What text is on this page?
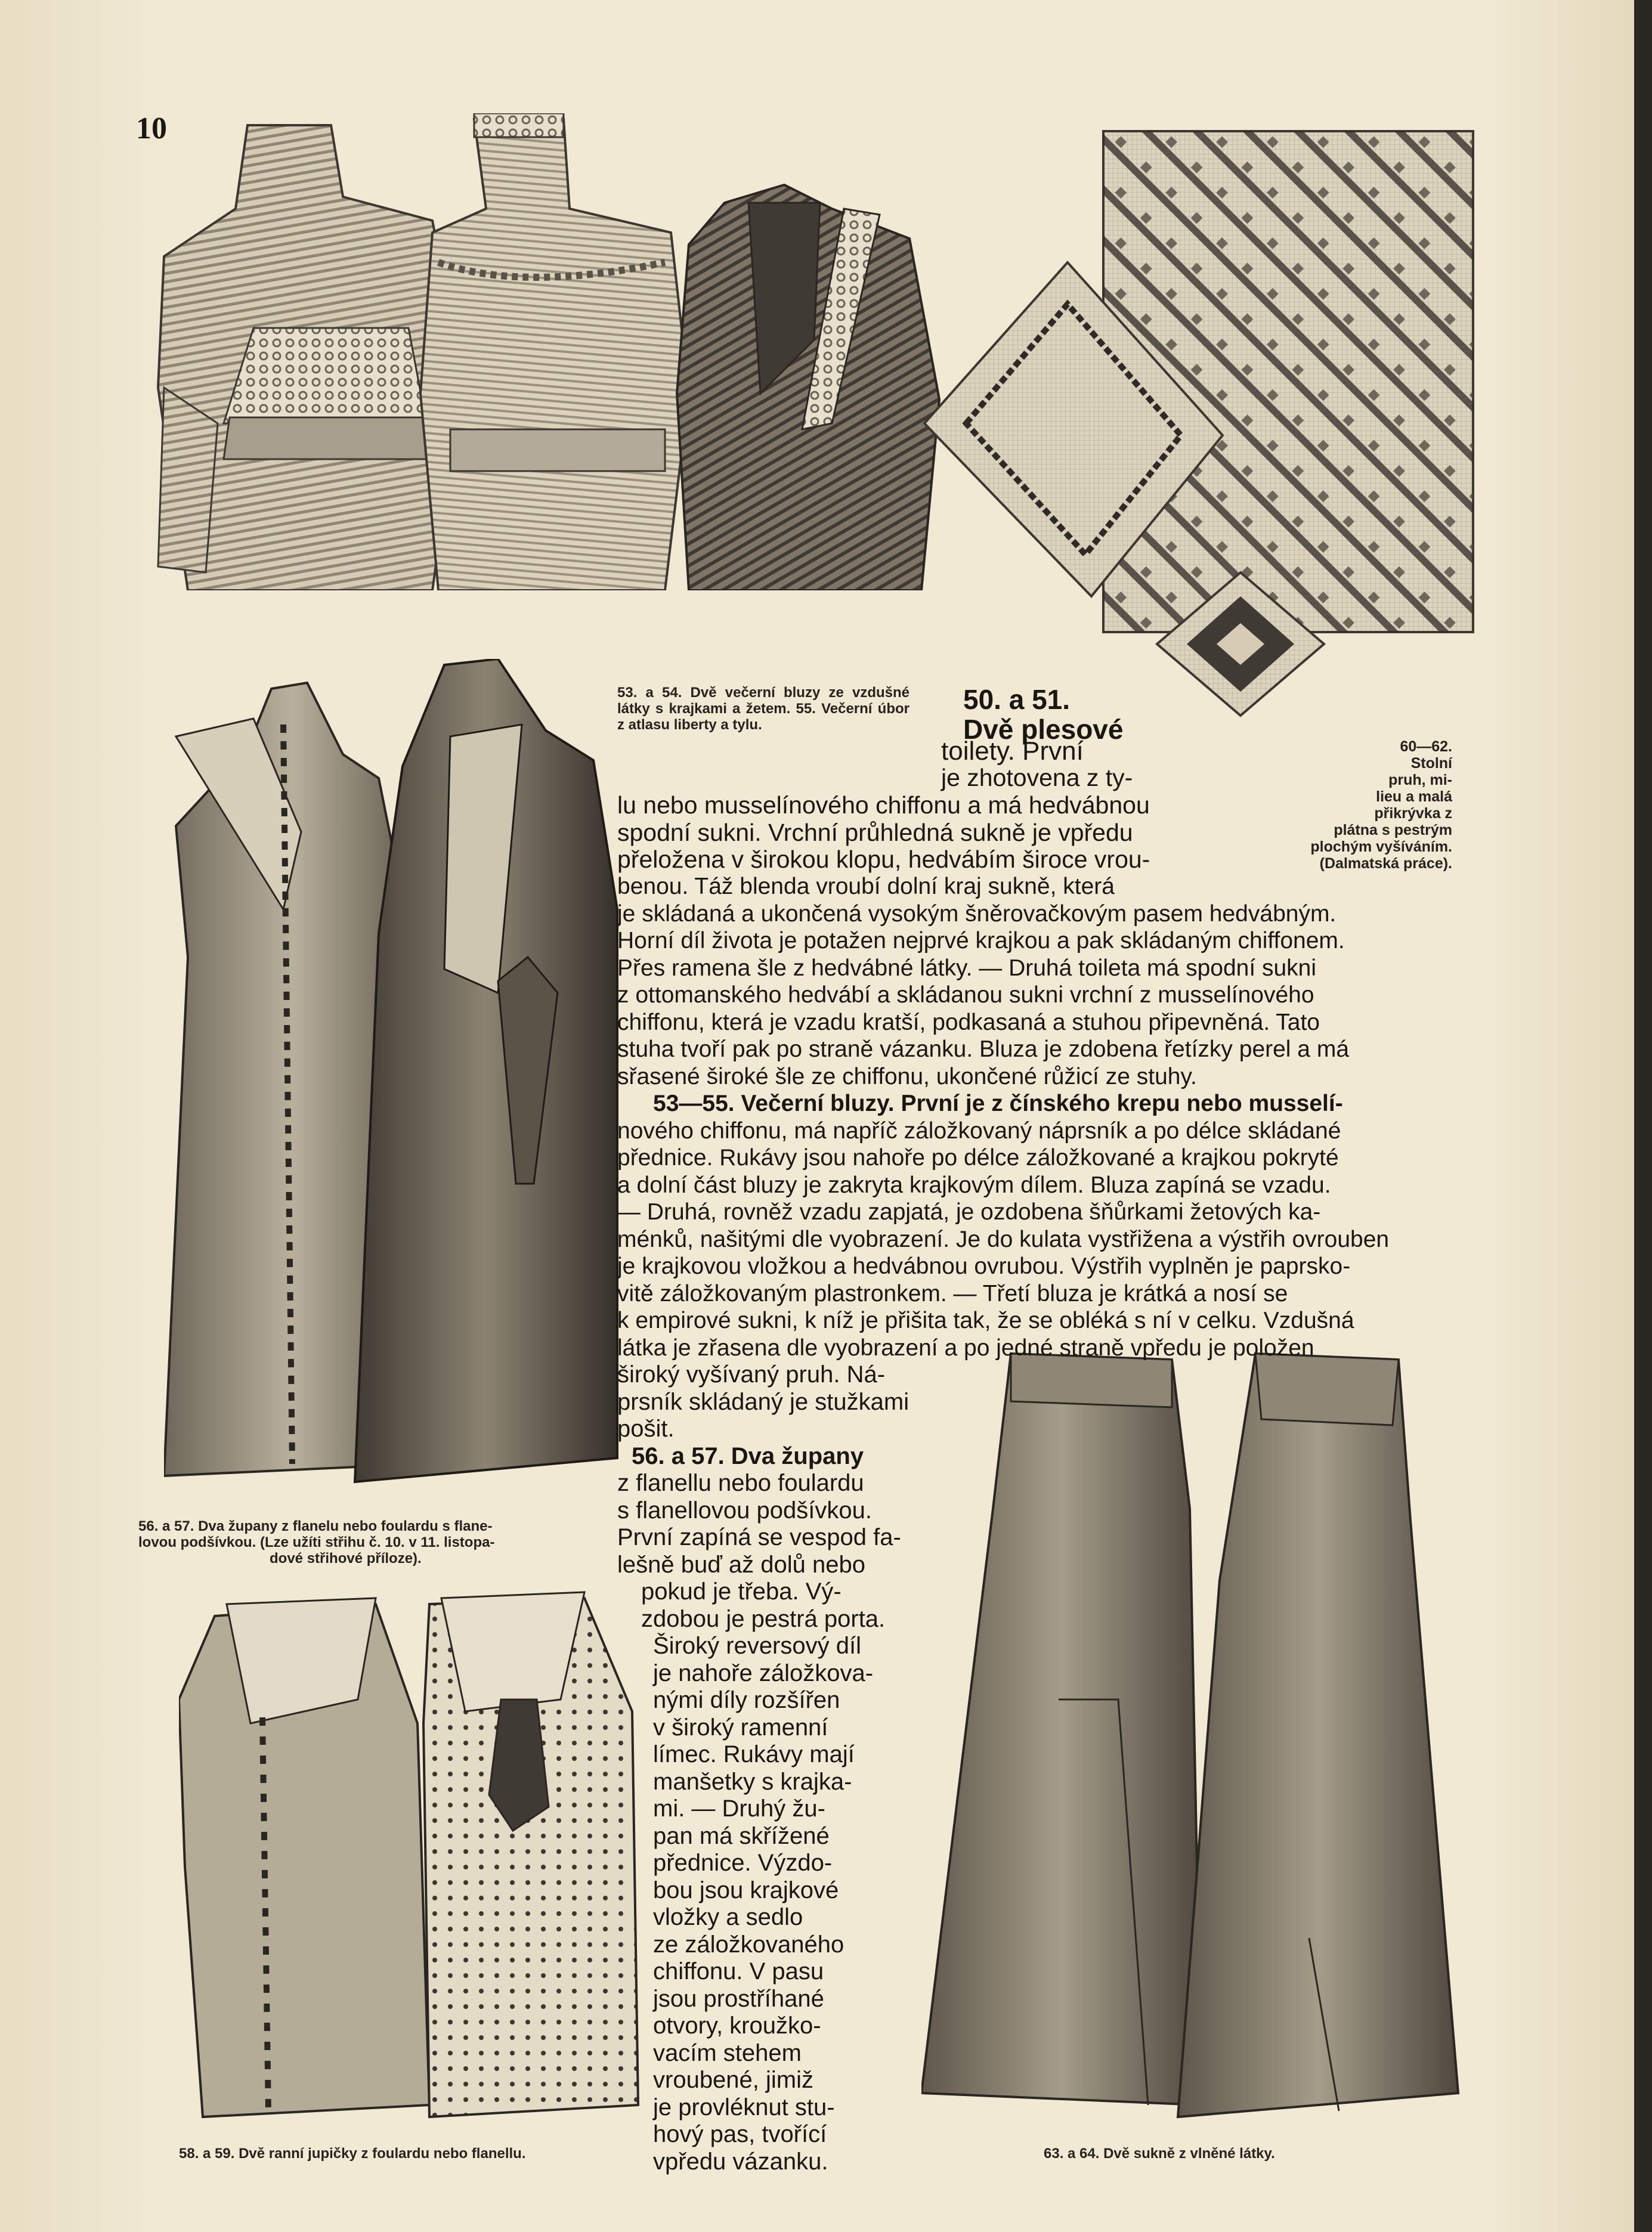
10
53. a 54. Dvě večerní bluzy ze vzdušné látky s krajkami a žetem. 55. Večerní úbor z atlasu liberty a tylu.
60—62.
Stolní
pruh, mi-
lieu a malá
přikrývka z
plátna s pestrým
plochým vyšíváním.
(Dalmatská práce).
56. a 57. Dva župany z flanelu nebo foulardu s flane-
lovou podšívkou. (Lze užíti střihu č. 10. v 11. listopa-
dové střihové příloze).
58. a 59. Dvě ranní jupičky z foulardu nebo flanellu.	63. a 64. Dvě sukně z vlněné látky.
50. a 51.
Dvě plesové
toilety. První
je zhotovena z ty-
lu nebo musselínového chiffonu a má hedvábnou
spodní sukni. Vrchní průhledná sukně je vpředu
přeložena v širokou klopu, hedvábím široce vrou-
benou. Táž blenda vroubí dolní kraj sukně, která
je skládaná a ukončená vysokým šněrovačkovým pasem hedvábným.
Horní díl života je potažen nejprvé krajkou a pak skládaným chiffonem.
Přes ramena šle z hedvábné látky. — Druhá toileta má spodní sukni
z ottomanského hedvábí a skládanou sukni vrchní z musselínového
chiffonu, která je vzadu kratší, podkasaná a stuhou připevněná. Tato
stuha tvoří pak po straně vázanku. Bluza je zdobena řetízky perel a má
sřasené široké šle ze chiffonu, ukončené růžicí ze stuhy.
53—55. Večerní bluzy. První je z čínského krepu nebo musselí-
nového chiffonu, má napříč záložkovaný náprsník a po délce skládané
přednice. Rukávy jsou nahoře po délce záložkované a krajkou pokryté
a dolní část bluzy je zakryta krajkovým dílem. Bluza zapíná se vzadu.
— Druhá, rovněž vzadu zapjatá, je ozdobena šňůrkami žetových ka-
ménků, našitými dle vyobrazení. Je do kulata vystřižena a výstřih ovrouben
je krajkovou vložkou a hedvábnou ovrubou. Výstřih vyplněn je paprsko-
vitě záložkovaným plastronkem. — Třetí bluza je krátká a nosí se
k empirové sukni, k níž je přišita tak, že se obléká s ní v celku. Vzdušná
látka je zřasena dle vyobrazení a po jedné straně vpředu je položen
široký vyšívaný pruh. Ná-
prsník skládaný je stužkami
pošit.
56. a 57. Dva župany
z flanellu nebo foulardu
s flanellovou podšívkou.
První zapíná se vespod fa-
lešně buď až dolů nebo
pokud je třeba. Vý-
zdobou je pestrá porta.
Široký reversový díl
je nahoře záložkova-
nými díly rozšířen
v široký ramenní
límec. Rukávy mají
manšetky s krajka-
mi. — Druhý žu-
pan má skřížené
přednice. Výzdo-
bou jsou krajkové
vložky a sedlo
ze záložkovaného
chiffonu. V pasu
jsou prostříhané
otvory, kroužko-
vacím stehem
vroubené, jimiž
je provléknut stu-
hový pas, tvořící
vpředu vázanku.
